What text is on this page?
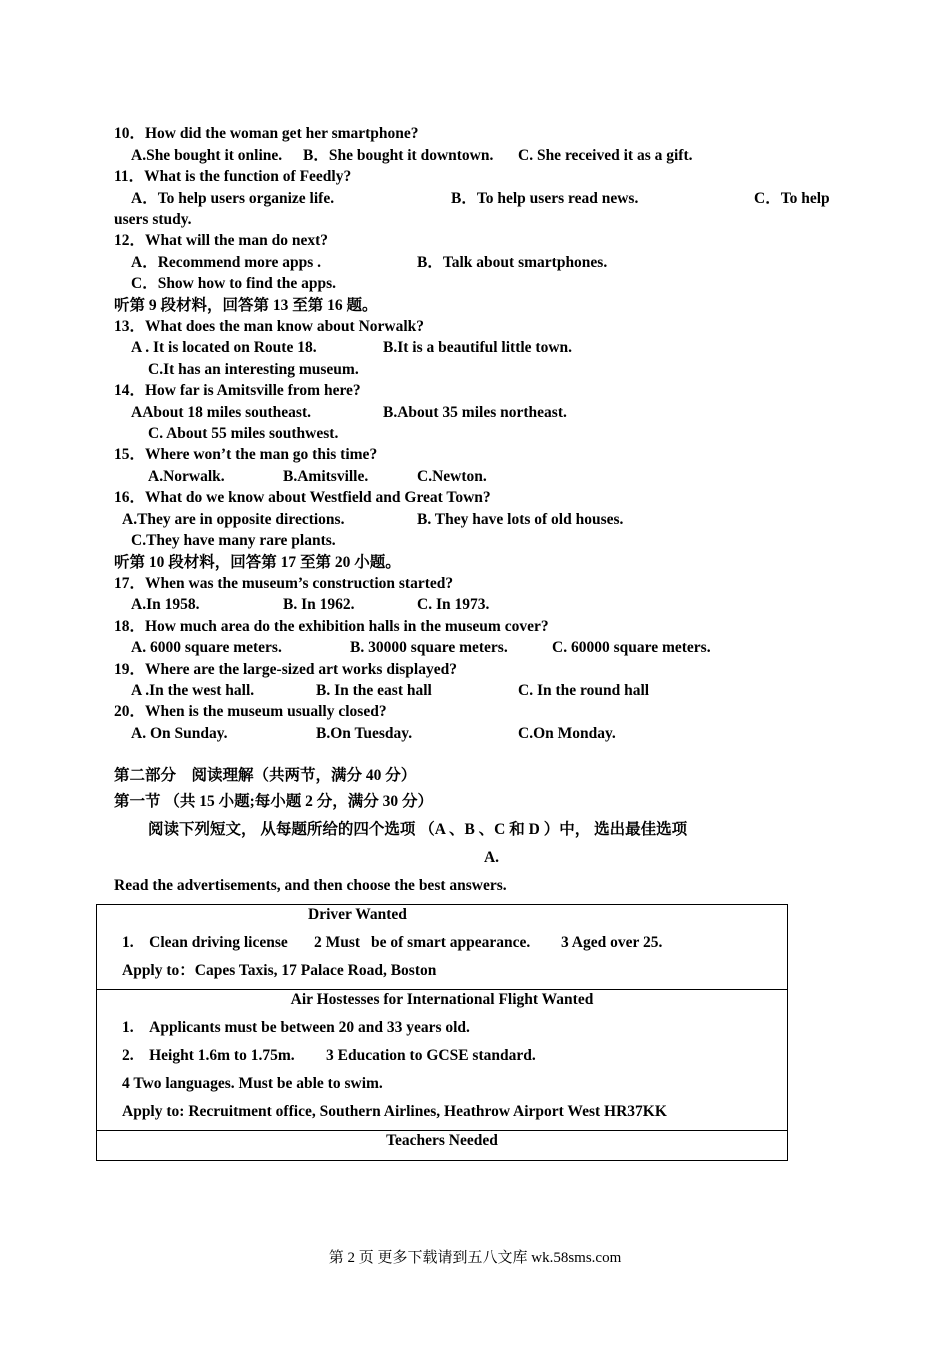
10．How did the woman get her smartphone?
A.She bought it online. B．She bought it downtown. C. She received it as a gift.
11．What is the function of Feedly?
A．To help users organize life.	B．To help users read news.	C．To help
users study.
12．What will the man do next?
A．Recommend more apps .	B．Talk about smartphones.
C．Show how to find the apps.
听第 9 段材料，回答第 13 至第 16 题。
13．What does the man know about Norwalk?
A . It is located on Route 18.	B.It is a beautiful little town.
C.It has an interesting museum.
14．How far is Amitsville from here?
AAbout 18 miles southeast.	B.About 35 miles northeast.
C. About 55 miles southwest.
15．Where won’t the man go this time?
A.Norwalk.	B.Amitsville.	C.Newton.
16．What do we know about Westfield and Great Town?
A.They are in opposite directions.	B. They have lots of old houses.
C.They have many rare plants.
听第 10 段材料，回答第 17 至第 20 小题。
17．When was the museum’s construction started?
A.In 1958.	B. In 1962.	C. In 1973.
18．How much area do the exhibition halls in the museum cover?
A. 6000 square meters.	B. 30000 square meters.	C. 60000 square meters.
19．Where are the large-sized art works displayed?
A .In the west hall.	B. In the east hall	C. In the round hall
20．When is the museum usually closed?
A. On Sunday.	B.On Tuesday.	C.On Monday.
第二部分　阅读理解（共两节，满分 40 分）
第一节 （共 15 小题;每小题 2 分，满分 30 分）
阅读下列短文， 从每题所给的四个选项 （A 、B 、C 和 D ）中， 选出最佳选项
A.
Read the advertisements, and then choose the best answers.
Driver Wanted
1.　Clean driving license 2 Must be of smart appearance. 3 Aged over 25.
Apply to：Capes Taxis, 17 Palace Road, Boston
Air Hostesses for International Flight Wanted
1.　Applicants must be between 20 and 33 years old.
2.　Height 1.6m to 1.75m. 3 Education to GCSE standard.
4 Two languages. Must be able to swim.
Apply to: Recruitment office, Southern Airlines, Heathrow Airport West HR37KK
Teachers Needed
第 2 页 更多下载请到五八文库 wk.58sms.com
